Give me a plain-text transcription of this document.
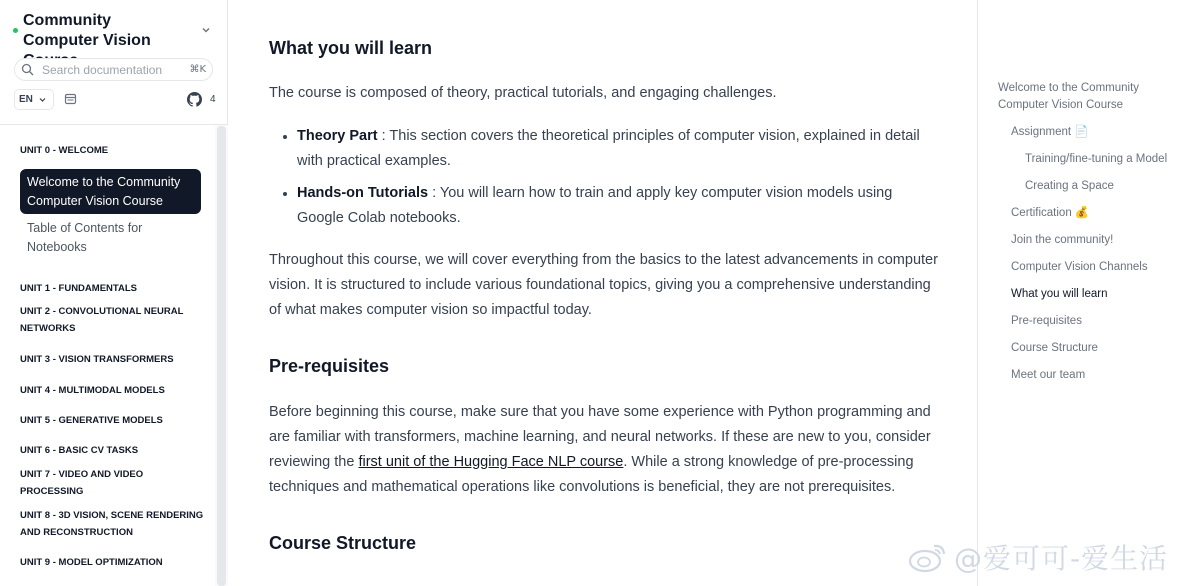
Community Computer Vision
Search documentation	⌘K
EN	4
UNIT 0 - WELCOME
Welcome to the Community Computer Vision Course
Table of Contents for Notebooks
UNIT 1 - FUNDAMENTALS
UNIT 2 - CONVOLUTIONAL NEURAL NETWORKS
UNIT 3 - VISION TRANSFORMERS
UNIT 4 - MULTIMODAL MODELS
UNIT 5 - GENERATIVE MODELS
UNIT 6 - BASIC CV TASKS
UNIT 7 - VIDEO AND VIDEO PROCESSING
UNIT 8 - 3D VISION, SCENE RENDERING AND RECONSTRUCTION
UNIT 9 - MODEL OPTIMIZATION
What you will learn
The course is composed of theory, practical tutorials, and engaging challenges.
Theory Part : This section covers the theoretical principles of computer vision, explained in detail with practical examples.
Hands-on Tutorials : You will learn how to train and apply key computer vision models using Google Colab notebooks.
Throughout this course, we will cover everything from the basics to the latest advancements in computer vision. It is structured to include various foundational topics, giving you a comprehensive understanding of what makes computer vision so impactful today.
Pre-requisites
Before beginning this course, make sure that you have some experience with Python programming and are familiar with transformers, machine learning, and neural networks. If these are new to you, consider reviewing the first unit of the Hugging Face NLP course. While a strong knowledge of pre-processing techniques and mathematical operations like convolutions is beneficial, they are not prerequisites.
Course Structure
Welcome to the Community Computer Vision Course
Assignment 📄
Training/fine-tuning a Model
Creating a Space
Certification 💰
Join the community!
Computer Vision Channels
What you will learn
Pre-requisites
Course Structure
Meet our team
@爱可可-爱生活
